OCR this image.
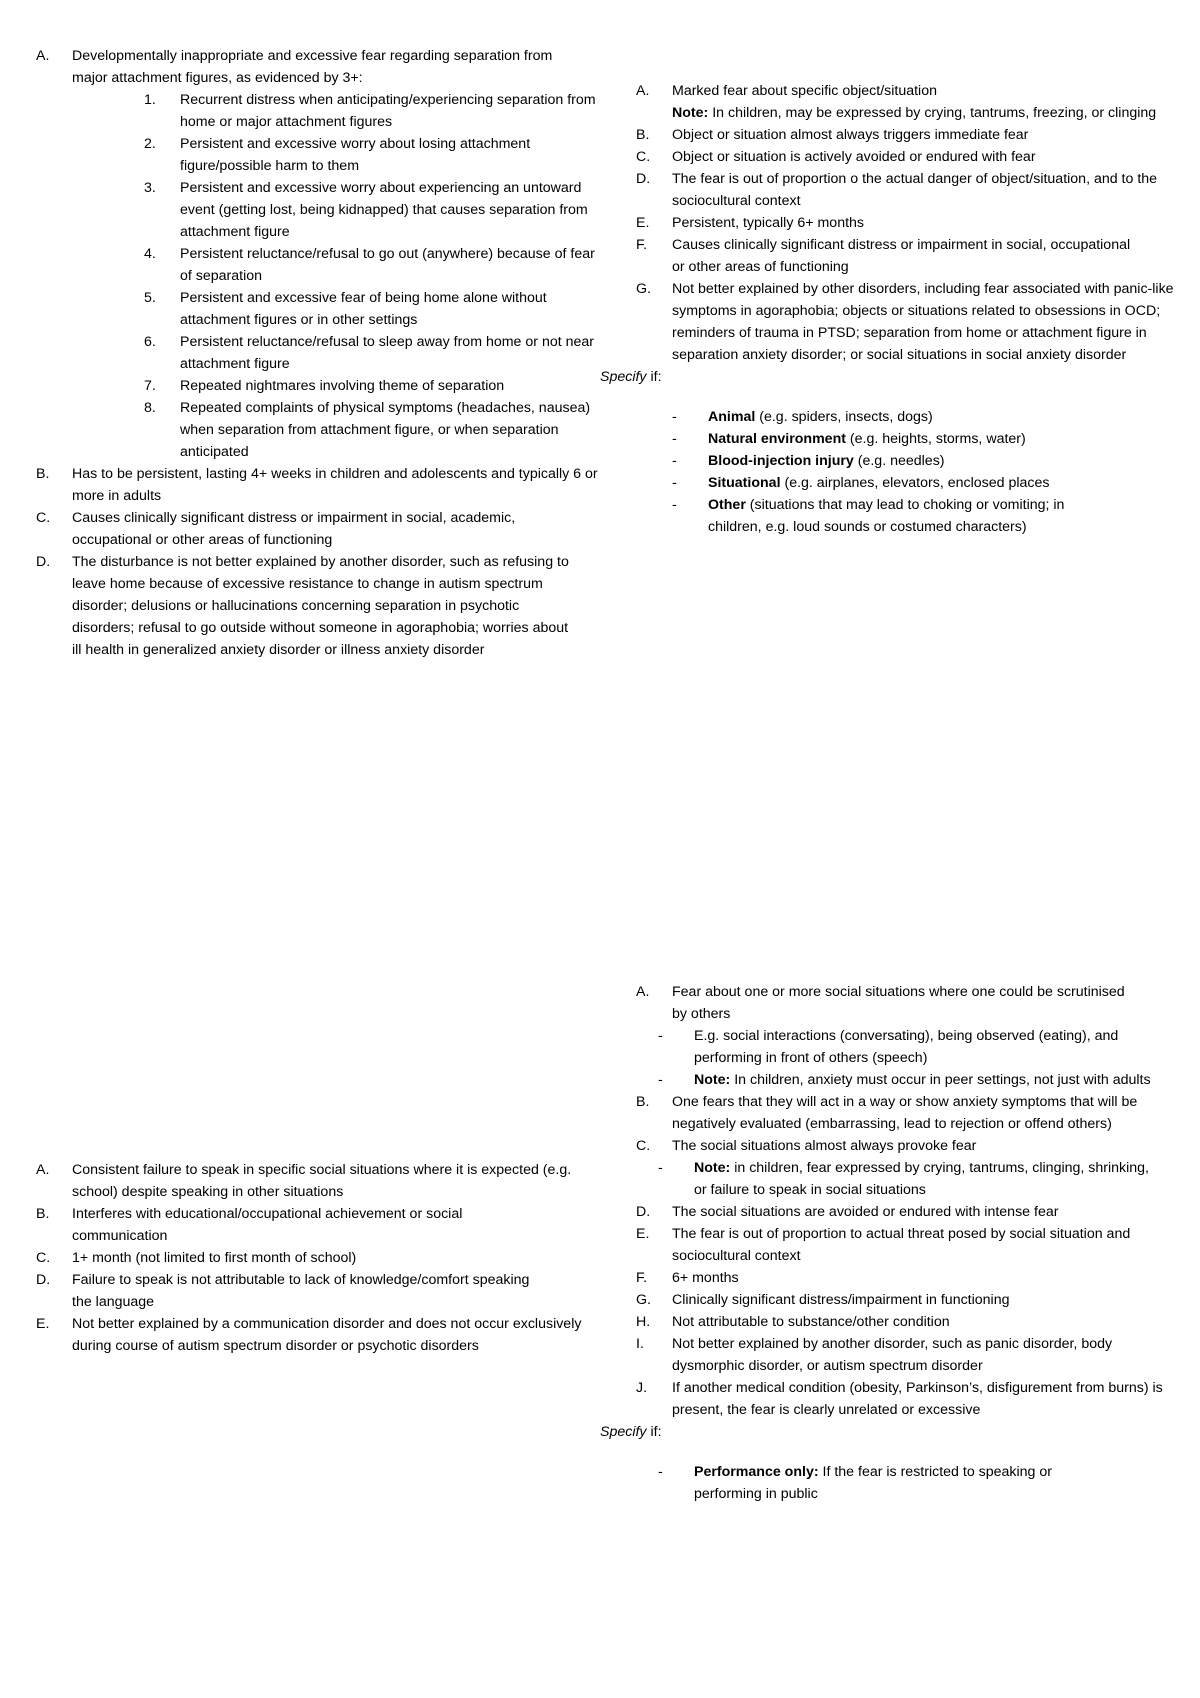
A. Developmentally inappropriate and excessive fear regarding separation from major attachment figures, as evidenced by 3+:
1. Recurrent distress when anticipating/experiencing separation from home or major attachment figures
2. Persistent and excessive worry about losing attachment figure/possible harm to them
3. Persistent and excessive worry about experiencing an untoward event (getting lost, being kidnapped) that causes separation from attachment figure
4. Persistent reluctance/refusal to go out (anywhere) because of fear of separation
5. Persistent and excessive fear of being home alone without attachment figures or in other settings
6. Persistent reluctance/refusal to sleep away from home or not near attachment figure
7. Repeated nightmares involving theme of separation
8. Repeated complaints of physical symptoms (headaches, nausea) when separation from attachment figure, or when separation anticipated
B. Has to be persistent, lasting 4+ weeks in children and adolescents and typically 6 or more in adults
C. Causes clinically significant distress or impairment in social, academic, occupational or other areas of functioning
D. The disturbance is not better explained by another disorder, such as refusing to leave home because of excessive resistance to change in autism spectrum disorder; delusions or hallucinations concerning separation in psychotic disorders; refusal to go outside without someone in agoraphobia; worries about ill health in generalized anxiety disorder or illness anxiety disorder
A. Marked fear about specific object/situation
Note: In children, may be expressed by crying, tantrums, freezing, or clinging
B. Object or situation almost always triggers immediate fear
C. Object or situation is actively avoided or endured with fear
D. The fear is out of proportion o the actual danger of object/situation, and to the sociocultural context
E. Persistent, typically 6+ months
F. Causes clinically significant distress or impairment in social, occupational or other areas of functioning
G. Not better explained by other disorders, including fear associated with panic-like symptoms in agoraphobia; objects or situations related to obsessions in OCD; reminders of trauma in PTSD; separation from home or attachment figure in separation anxiety disorder; or social situations in social anxiety disorder
Specify if:
- Animal (e.g. spiders, insects, dogs)
- Natural environment (e.g. heights, storms, water)
- Blood-injection injury (e.g. needles)
- Situational (e.g. airplanes, elevators, enclosed places
- Other (situations that may lead to choking or vomiting; in children, e.g. loud sounds or costumed characters)
A. Consistent failure to speak in specific social situations where it is expected (e.g. school) despite speaking in other situations
B. Interferes with educational/occupational achievement or social communication
C. 1+ month (not limited to first month of school)
D. Failure to speak is not attributable to lack of knowledge/comfort speaking the language
E. Not better explained by a communication disorder and does not occur exclusively during course of autism spectrum disorder or psychotic disorders
A. Fear about one or more social situations where one could be scrutinised by others
- E.g. social interactions (conversating), being observed (eating), and performing in front of others (speech)
- Note: In children, anxiety must occur in peer settings, not just with adults
B. One fears that they will act in a way or show anxiety symptoms that will be negatively evaluated (embarrassing, lead to rejection or offend others)
C. The social situations almost always provoke fear
- Note: in children, fear expressed by crying, tantrums, clinging, shrinking, or failure to speak in social situations
D. The social situations are avoided or endured with intense fear
E. The fear is out of proportion to actual threat posed by social situation and sociocultural context
F. 6+ months
G. Clinically significant distress/impairment in functioning
H. Not attributable to substance/other condition
I. Not better explained by another disorder, such as panic disorder, body dysmorphic disorder, or autism spectrum disorder
J. If another medical condition (obesity, Parkinson’s, disfigurement from burns) is present, the fear is clearly unrelated or excessive
Specify if:
- Performance only: If the fear is restricted to speaking or performing in public
